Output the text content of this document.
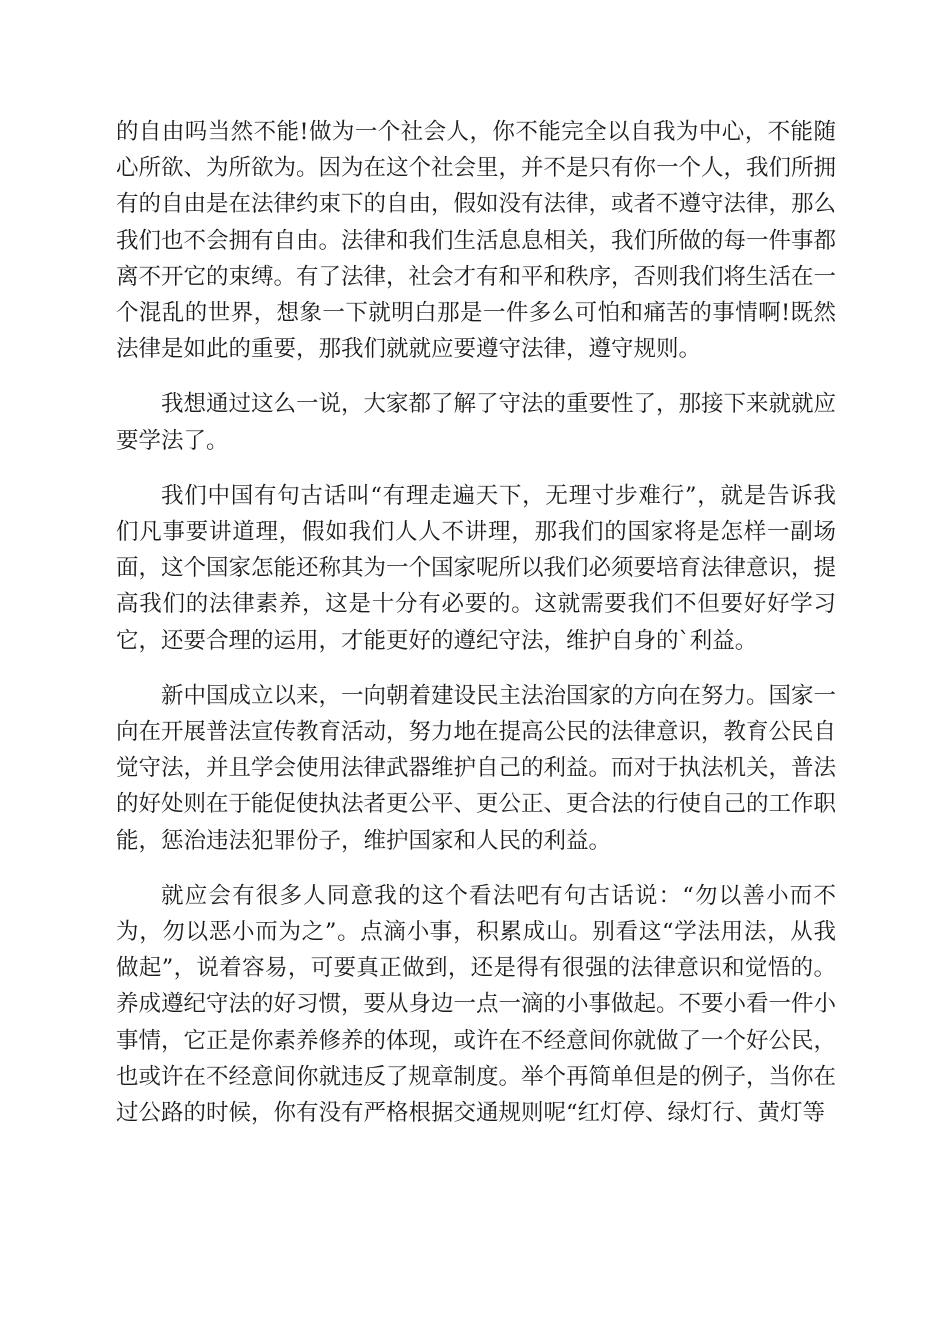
的自由吗当然不能!做为一个社会人，你不能完全以自我为中心，不能随心所欲、为所欲为。因为在这个社会里，并不是只有你一个人，我们所拥有的自由是在法律约束下的自由，假如没有法律，或者不遵守法律，那么我们也不会拥有自由。法律和我们生活息息相关，我们所做的每一件事都离不开它的束缚。有了法律，社会才有和平和秩序，否则我们将生活在一个混乱的世界，想象一下就明白那是一件多么可怕和痛苦的事情啊!既然法律是如此的重要，那我们就就应要遵守法律，遵守规则。

我想通过这么一说，大家都了解了守法的重要性了，那接下来就就应要学法了。

我们中国有句古话叫“有理走遍天下，无理寸步难行”，就是告诉我们凡事要讲道理，假如我们人人不讲理，那我们的国家将是怎样一副场面，这个国家怎能还称其为一个国家呢所以我们必须要培育法律意识，提高我们的法律素养，这是十分有必要的。这就需要我们不但要好好学习它，还要合理的运用，才能更好的遵纪守法，维护自身的`利益。

新中国成立以来，一向朝着建设民主法治国家的方向在努力。国家一向在开展普法宣传教育活动，努力地在提高公民的法律意识，教育公民自觉守法，并且学会使用法律武器维护自己的利益。而对于执法机关，普法的好处则在于能促使执法者更公平、更公正、更合法的行使自己的工作职能，惩治违法犯罪份子，维护国家和人民的利益。

就应会有很多人同意我的这个看法吧有句古话说：“勿以善小而不为，勿以恶小而为之”。点滴小事，积累成山。别看这“学法用法，从我做起”，说着容易，可要真正做到，还是得有很强的法律意识和觉悟的。养成遵纪守法的好习惯，要从身边一点一滴的小事做起。不要小看一件小事情，它正是你素养修养的体现，或许在不经意间你就做了一个好公民，也或许在不经意间你就违反了规章制度。举个再简单但是的例子，当你在过公路的时候，你有没有严格根据交通规则呢“红灯停、绿灯行、黄灯等
